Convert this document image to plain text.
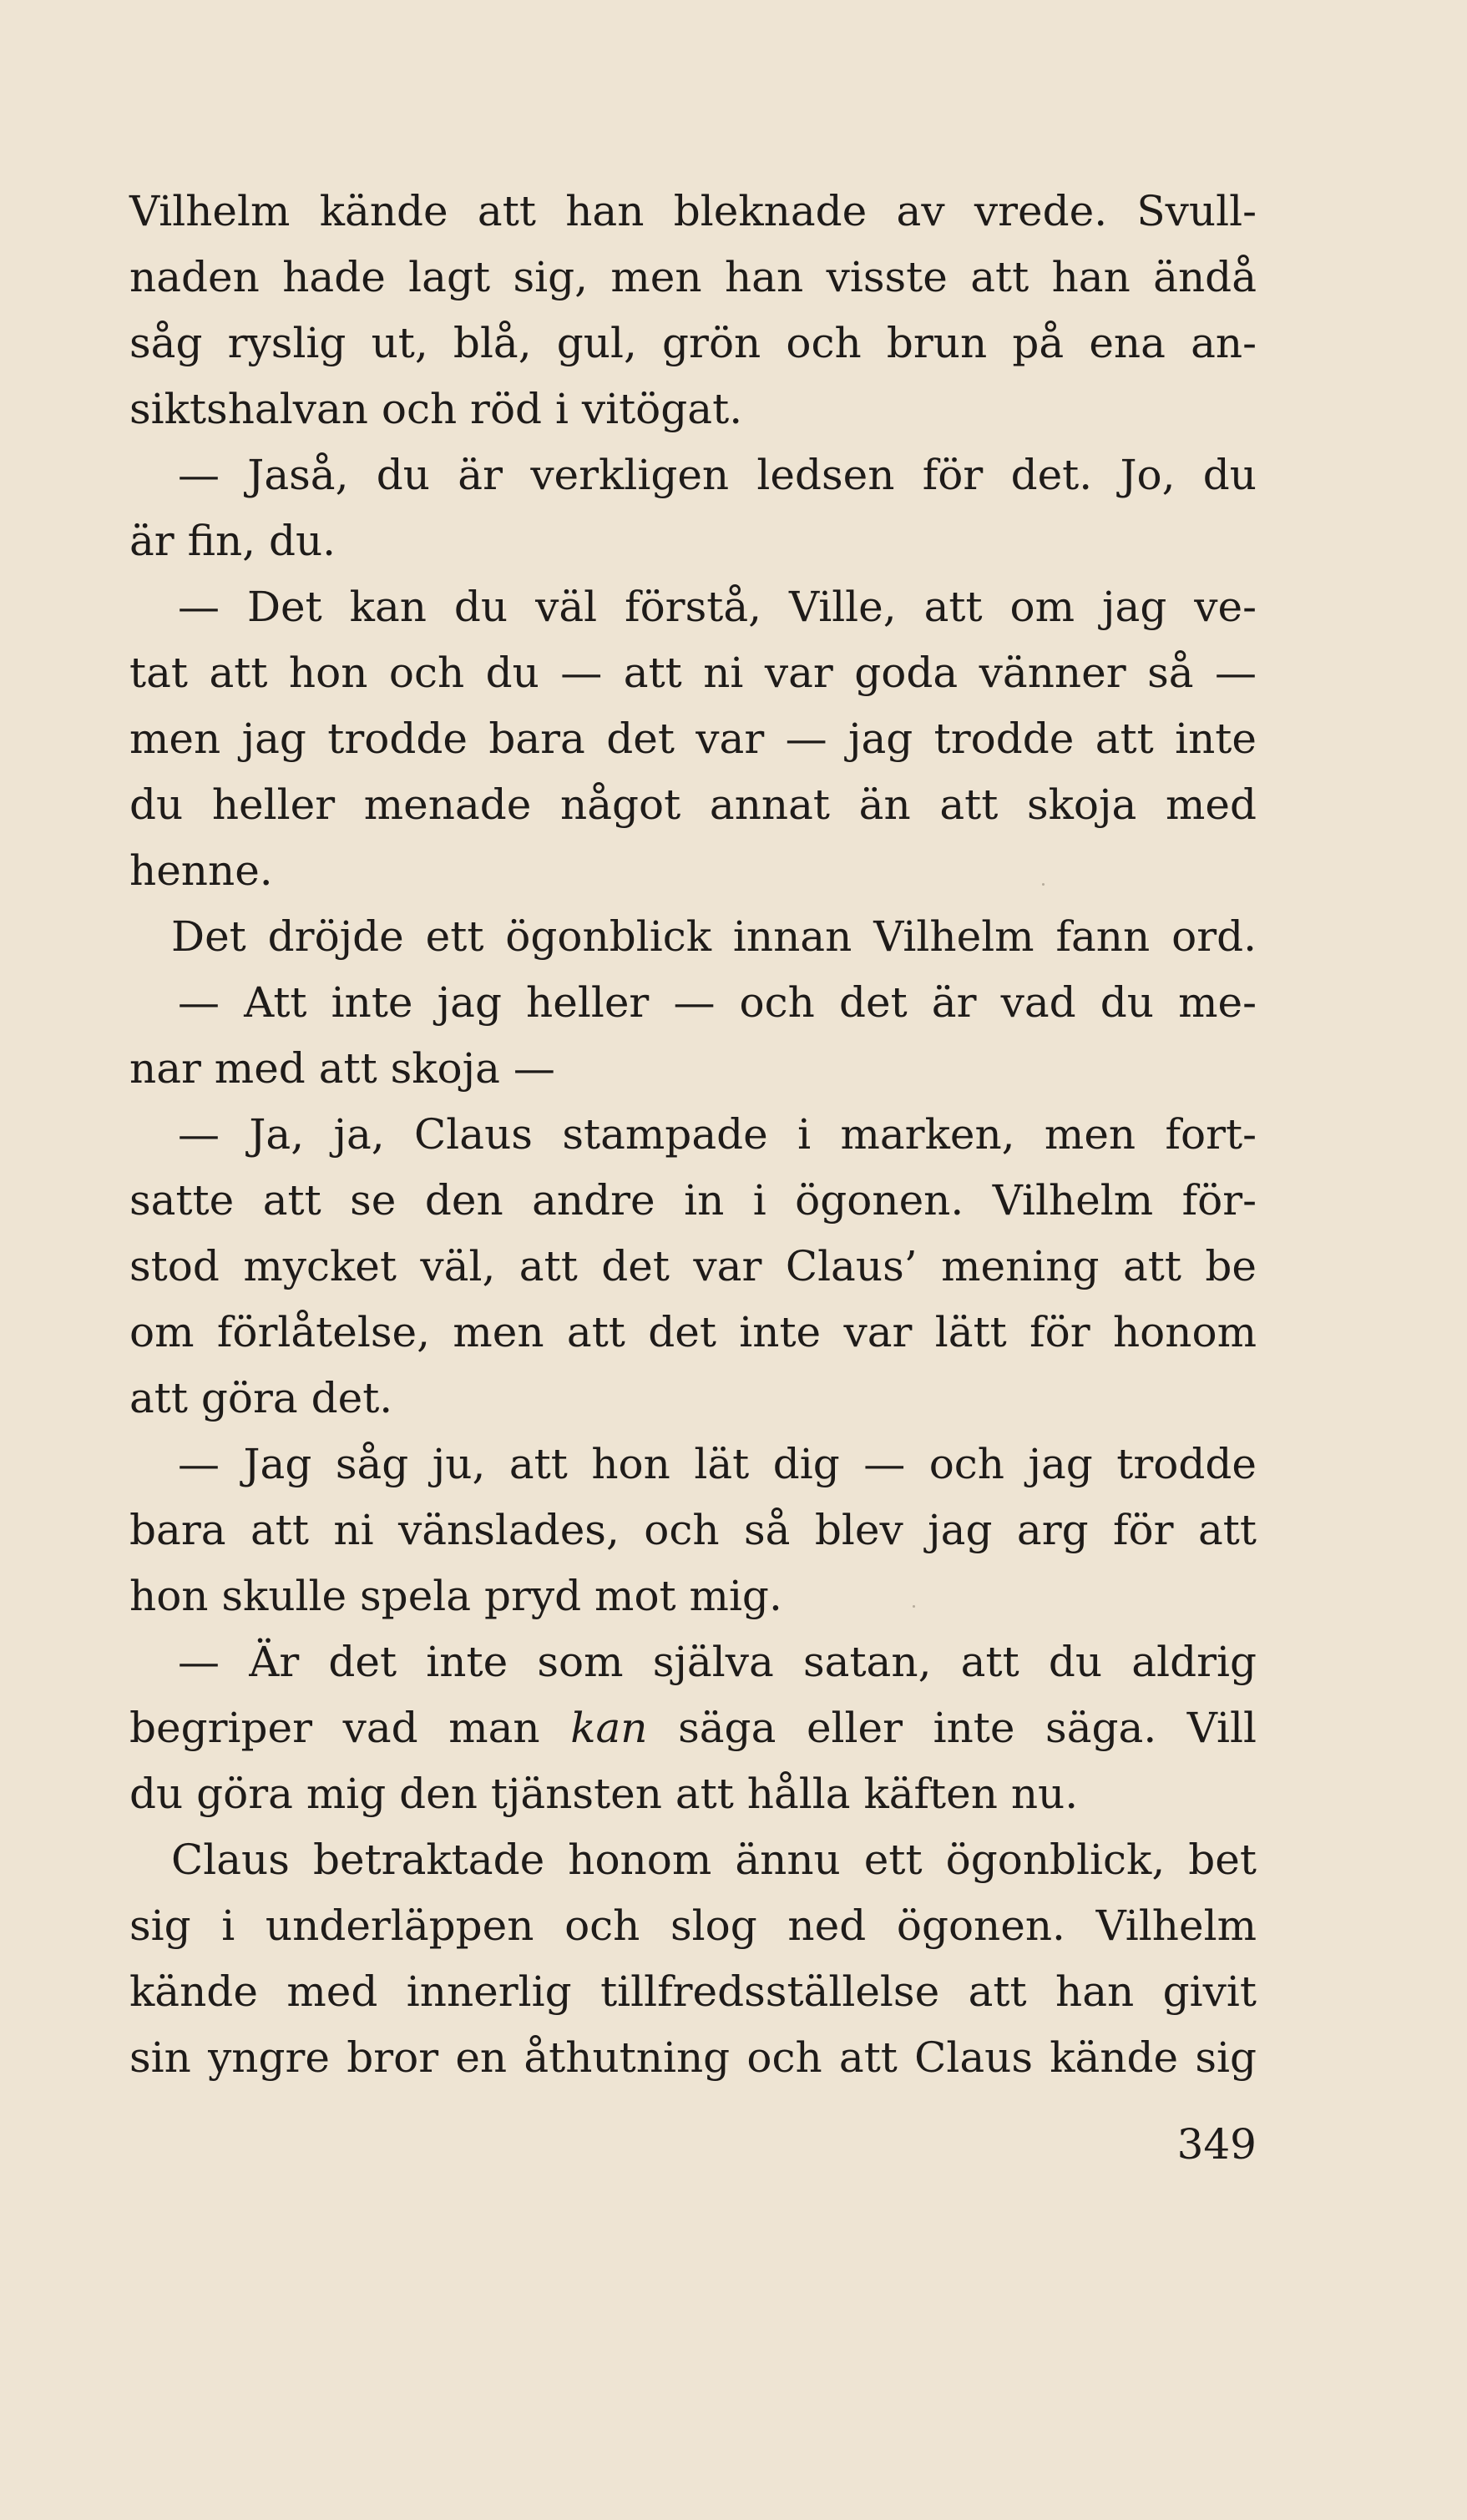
Vilhelm kände att han bleknade av vrede. Svull-
naden hade lagt sig, men han visste att han ändå
såg ryslig ut, blå, gul, grön och brun på ena an-
siktshalvan och röd i vitögat.
— Jaså, du är verkligen ledsen för det. Jo, du
är fin, du.
— Det kan du väl förstå, Ville, att om jag ve-
tat att hon och du — att ni var goda vänner så —
men jag trodde bara det var — jag trodde att inte
du heller menade något annat än att skoja med
henne.
Det dröjde ett ögonblick innan Vilhelm fann ord.
— Att inte jag heller — och det är vad du me-
nar med att skoja —
— Ja, ja, Claus stampade i marken, men fort-
satte att se den andre in i ögonen. Vilhelm för-
stod mycket väl, att det var Claus’ mening att be
om förlåtelse, men att det inte var lätt för honom
att göra det.
— Jag såg ju, att hon lät dig — och jag trodde
bara att ni vänslades, och så blev jag arg för att
hon skulle spela pryd mot mig.
— Är det inte som själva satan, att du aldrig
begriper vad man kan säga eller inte säga. Vill
du göra mig den tjänsten att hålla käften nu.
Claus betraktade honom ännu ett ögonblick, bet
sig i underläppen och slog ned ögonen. Vilhelm
kände med innerlig tillfredsställelse att han givit
sin yngre bror en åthutning och att Claus kände sig
349
